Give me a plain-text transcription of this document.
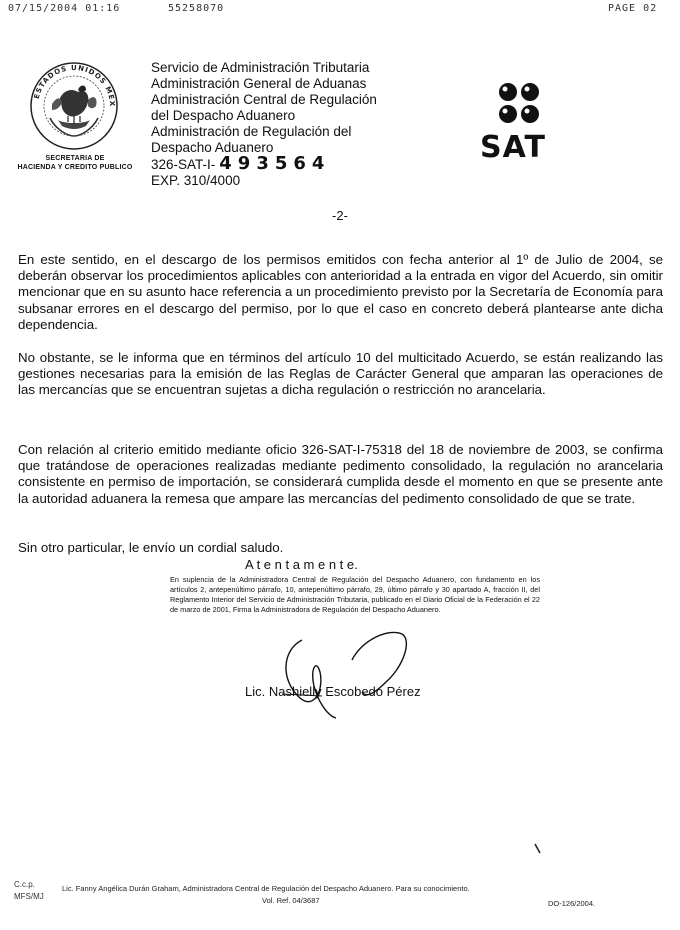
07/15/2004 01:16	55258070	PAGE 02
ESTADOS UNIDOS MEX
SECRETARIA DE
HACIENDA Y CREDITO PUBLICO
Servicio de Administración Tributaria
Administración General de Aduanas
Administración Central de Regulación
del Despacho Aduanero
Administración de Regulación del
Despacho Aduanero
326-SAT-I- 493564
EXP. 310/4000
SAT
-2-
En este sentido, en el descargo de los permisos emitidos con fecha anterior al 1º de Julio de 2004, se deberán observar los procedimientos aplicables con anterioridad a la entrada en vigor del Acuerdo, sin omitir mencionar que en su asunto hace referencia a un procedimiento previsto por la Secretaría de Economía para subsanar errores en el descargo del permiso, por lo que el caso en concreto deberá plantearse ante dicha dependencia.
No obstante, se le informa que en términos del artículo 10 del multicitado Acuerdo, se están realizando las gestiones necesarias para la emisión de las Reglas de Carácter General que amparan las operaciones de las mercancías que se encuentran sujetas a dicha regulación o restricción no arancelaria.
Con relación al criterio emitido mediante oficio 326-SAT-I-75318 del 18 de noviembre de 2003, se confirma que tratándose de operaciones realizadas mediante pedimento consolidado, la regulación no arancelaria consistente en permiso de importación, se considerará cumplida desde el momento en que se presente ante la autoridad aduanera la remesa que ampare las mercancías del pedimento consolidado de que se trate.
Sin otro particular, le envío un cordial saludo.
A t e n t a m e n t e.
En suplencia de la Administradora Central de Regulación del Despacho Aduanero, con fundamento en los artículos 2, antepenúltimo párrafo, 10, antepenúltimo párrafo, 29, último párrafo y 30 apartado A, fracción II, del Reglamento Interior del Servicio de Administración Tributaria, publicado en el Diario Oficial de la Federación el 22 de marzo de 2001, Firma la Administradora de Regulación del Despacho Aduanero.
Lic. Nashielly Escobedo Pérez
C.c.p.
MFS/MJ
Lic. Fanny Angélica Durán Graham, Administradora Central de Regulación del Despacho Aduanero. Para su conocimiento.
Vol. Ref. 04/3687	DO-126/2004.
